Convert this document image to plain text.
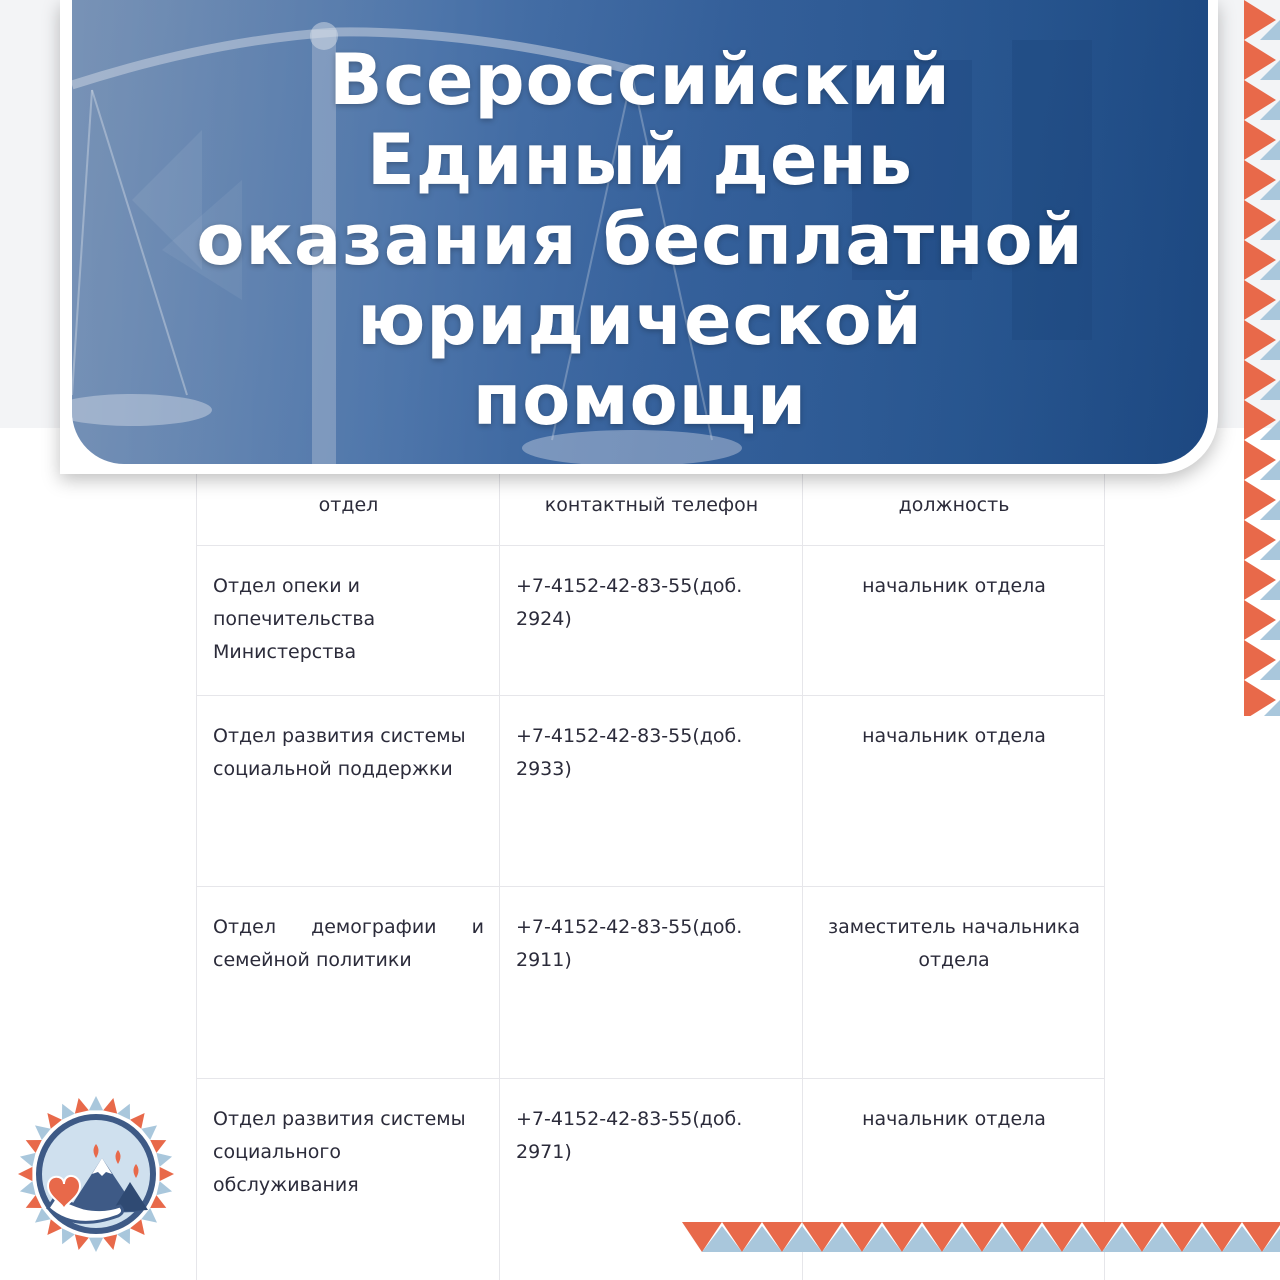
отдел	контактный телефон	должность
Отдел опеки и попечительства Министерства	+7-4152-42-83-55(доб. 2924)	начальник отдела
Отдел развития системы социальной поддержки	+7-4152-42-83-55(доб. 2933)	начальник отдела
Отдел демографии и семейной политики	+7-4152-42-83-55(доб. 2911)	заместитель начальника отдела
Отдел развития системы социального обслуживания	+7-4152-42-83-55(доб. 2971)	начальник отдела
Всероссийский
Единый день
оказания бесплатной
юридической
помощи
